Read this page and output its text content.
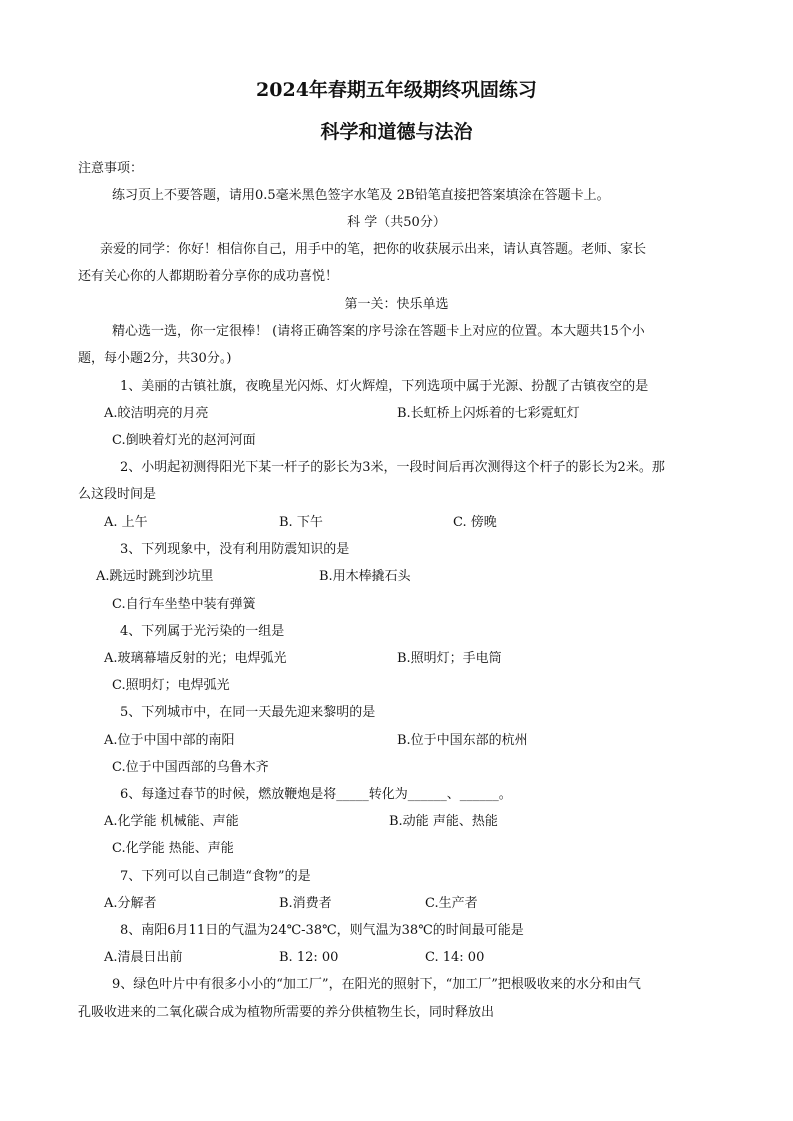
2024年春期五年级期终巩固练习
科学和道德与法治
注意事项：
练习页上不要答题，请用0.5毫米黑色签字水笔及 2B铅笔直接把答案填涂在答题卡上。
科 学（共50分）
亲爱的同学：你好！相信你自己，用手中的笔，把你的收获展示出来，请认真答题。老师、家长
还有关心你的人都期盼着分享你的成功喜悦！
第一关：快乐单选
精心选一选，你一定很棒！ (请将正确答案的序号涂在答题卡上对应的位置。本大题共15个小
题，每小题2分，共30分。)
1、美丽的古镇社旗，夜晚星光闪烁、灯火辉煌，下列选项中属于光源、扮靓了古镇夜空的是
A.皎洁明亮的月亮	B.长虹桥上闪烁着的七彩霓虹灯
C.倒映着灯光的赵河河面
2、小明起初测得阳光下某一杆子的影长为3米，一段时间后再次测得这个杆子的影长为2米。那
么这段时间是
A. 上午	B. 下午	C. 傍晚
3、下列现象中，没有利用防震知识的是
A.跳远时跳到沙坑里	B.用木棒撬石头
C.自行车坐垫中装有弹簧
4、下列属于光污染的一组是
A.玻璃幕墙反射的光；电焊弧光	B.照明灯；手电筒
C.照明灯；电焊弧光
5、下列城市中，在同一天最先迎来黎明的是
A.位于中国中部的南阳	B.位于中国东部的杭州
C.位于中国西部的乌鲁木齐
6、每逢过春节的时候，燃放鞭炮是将_____转化为______、______。
A.化学能 机械能、声能	B.动能 声能、热能
C.化学能 热能、声能
7、下列可以自己制造“食物”的是
A.分解者	B.消费者	C.生产者
8、南阳6月11日的气温为24℃-38℃，则气温为38℃的时间最可能是
A.清晨日出前	B. 12: 00	C. 14: 00
9、绿色叶片中有很多小小的“加工厂”，在阳光的照射下，“加工厂”把根吸收来的水分和由气
孔吸收进来的二氧化碳合成为植物所需要的养分供植物生长，同时释放出
